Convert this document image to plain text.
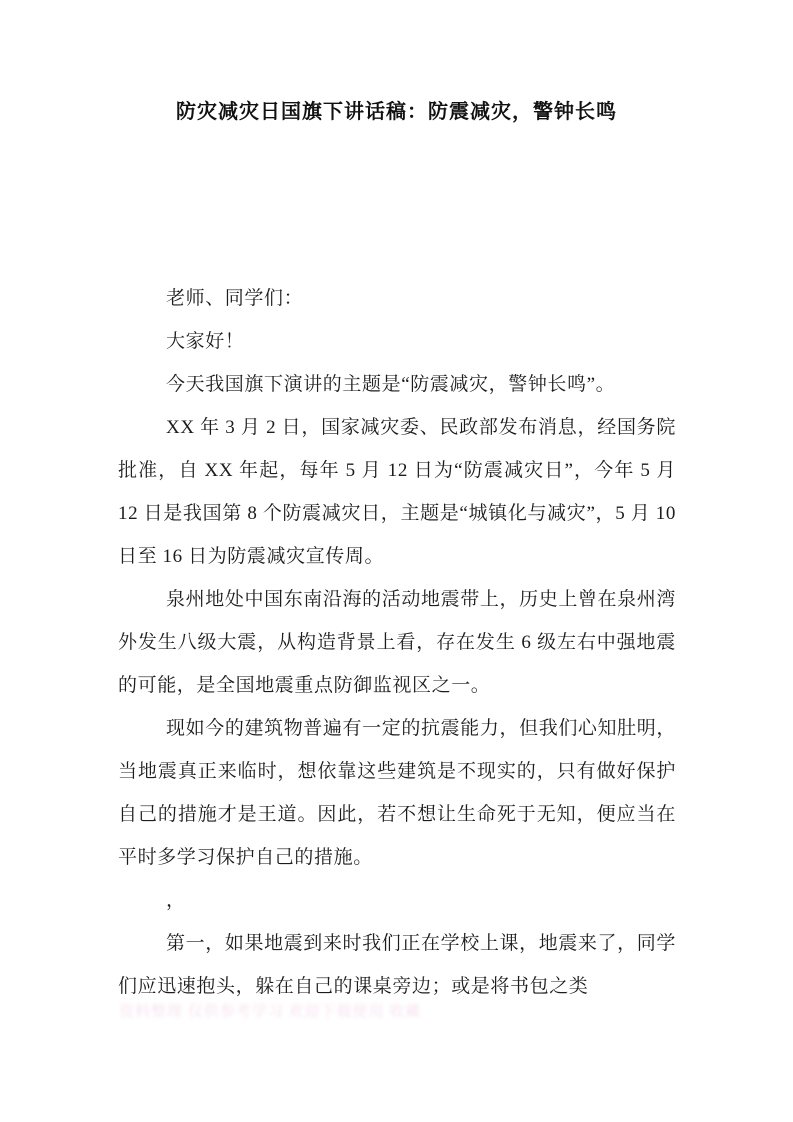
防灾减灾日国旗下讲话稿：防震减灾，警钟长鸣

老师、同学们：

大家好！

今天我国旗下演讲的主题是“防震减灾，警钟长鸣”。

XX 年 3 月 2 日，国家减灾委、民政部发布消息，经国务院批准，自 XX 年起，每年 5 月 12 日为“防震减灾日”，今年 5 月 12 日是我国第 8 个防震减灾日，主题是“城镇化与减灾”，5 月 10 日至 16 日为防震减灾宣传周。

泉州地处中国东南沿海的活动地震带上，历史上曾在泉州湾外发生八级大震，从构造背景上看，存在发生 6 级左右中强地震的可能，是全国地震重点防御监视区之一。

现如今的建筑物普遍有一定的抗震能力，但我们心知肚明，当地震真正来临时，想依靠这些建筑是不现实的，只有做好保护自己的措施才是王道。因此，若不想让生命死于无知，便应当在平时多学习保护自己的措施。

，

第一，如果地震到来时我们正在学校上课，地震来了，同学们应迅速抱头，躲在自己的课桌旁边；或是将书包之类

资料整理 仅供参考学习 欢迎下载使用 收藏
